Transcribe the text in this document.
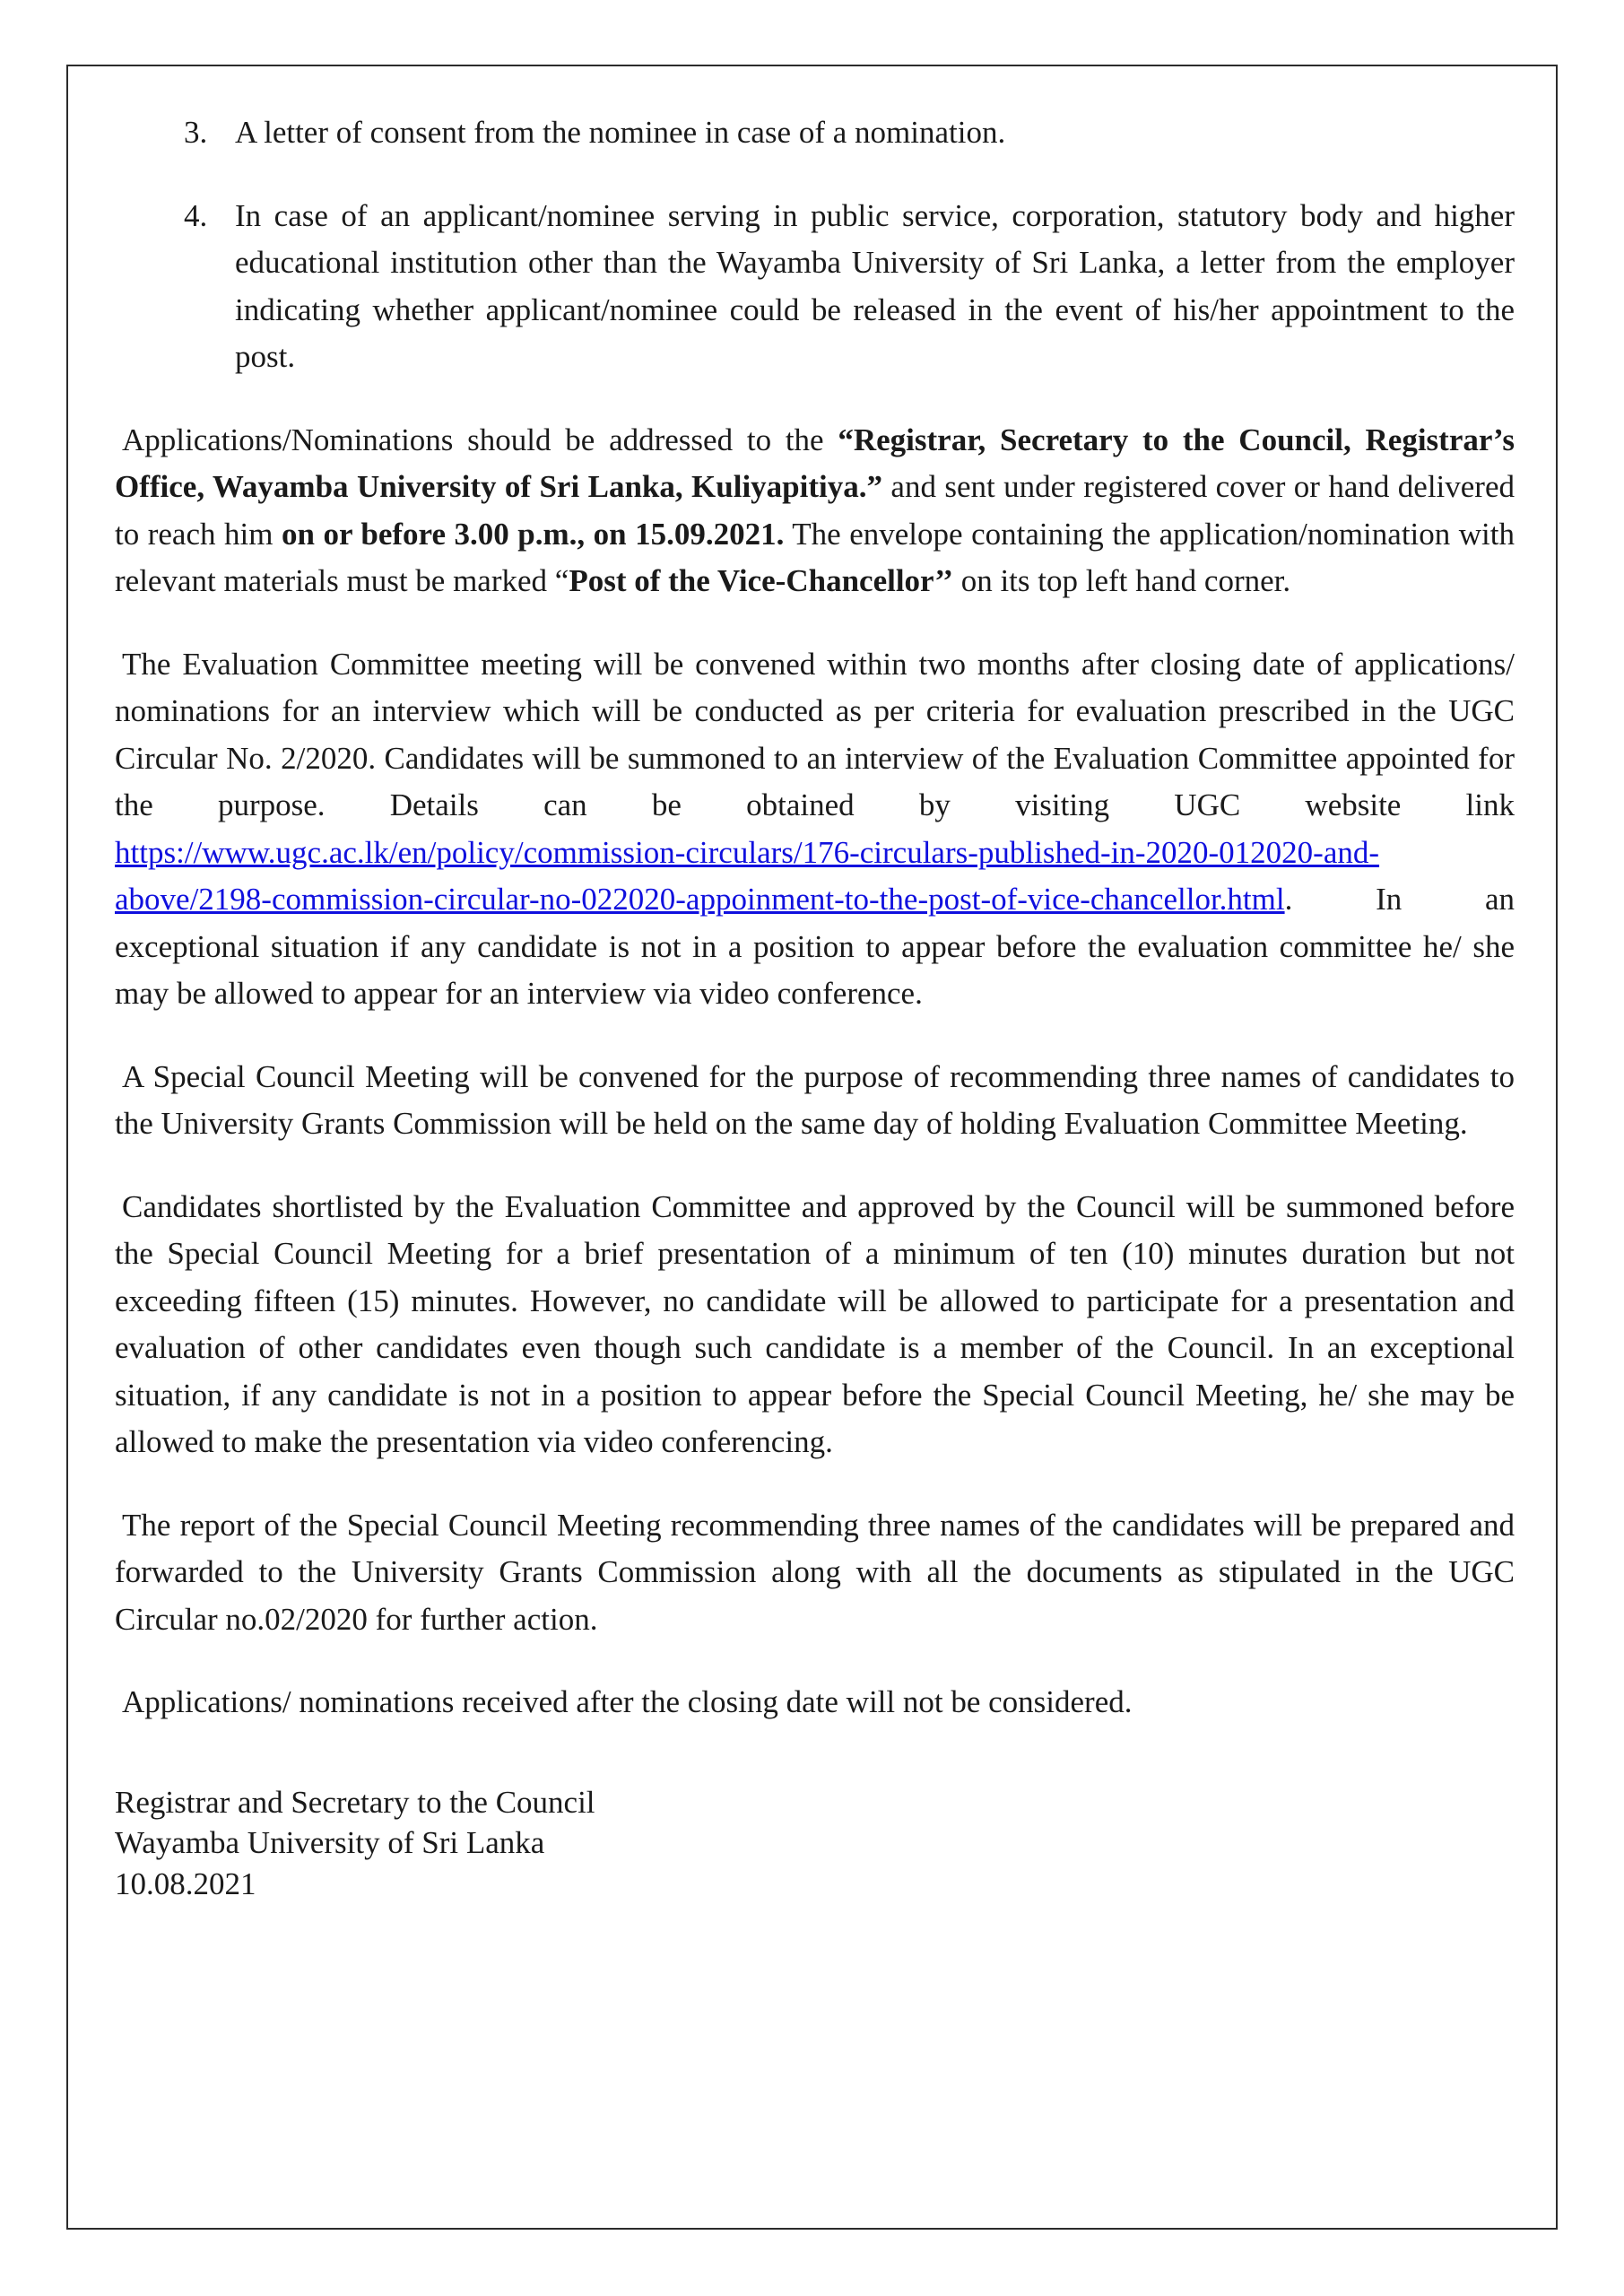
3. A letter of consent from the nominee in case of a nomination.
4. In case of an applicant/nominee serving in public service, corporation, statutory body and higher educational institution other than the Wayamba University of Sri Lanka, a letter from the employer indicating whether applicant/nominee could be released in the event of his/her appointment to the post.

Applications/Nominations should be addressed to the “Registrar, Secretary to the Council, Registrar’s Office, Wayamba University of Sri Lanka, Kuliyapitiya.” and sent under registered cover or hand delivered to reach him on or before 3.00 p.m., on 15.09.2021. The envelope containing the application/nomination with relevant materials must be marked “Post of the Vice-Chancellor’’ on its top left hand corner.

The Evaluation Committee meeting will be convened within two months after closing date of applications/ nominations for an interview which will be conducted as per criteria for evaluation prescribed in the UGC Circular No. 2/2020. Candidates will be summoned to an interview of the Evaluation Committee appointed for the purpose. Details can be obtained by visiting UGC website link https://www.ugc.ac.lk/en/policy/commission-circulars/176-circulars-published-in-2020-012020-and-above/2198-commission-circular-no-022020-appoinment-to-the-post-of-vice-chancellor.html. In an exceptional situation if any candidate is not in a position to appear before the evaluation committee he/ she may be allowed to appear for an interview via video conference.

A Special Council Meeting will be convened for the purpose of recommending three names of candidates to the University Grants Commission will be held on the same day of holding Evaluation Committee Meeting.

Candidates shortlisted by the Evaluation Committee and approved by the Council will be summoned before the Special Council Meeting for a brief presentation of a minimum of ten (10) minutes duration but not exceeding fifteen (15) minutes. However, no candidate will be allowed to participate for a presentation and evaluation of other candidates even though such candidate is a member of the Council. In an exceptional situation, if any candidate is not in a position to appear before the Special Council Meeting, he/ she may be allowed to make the presentation via video conferencing.

The report of the Special Council Meeting recommending three names of the candidates will be prepared and forwarded to the University Grants Commission along with all the documents as stipulated in the UGC Circular no.02/2020 for further action.

Applications/ nominations received after the closing date will not be considered.

Registrar and Secretary to the Council
Wayamba University of Sri Lanka
10.08.2021
